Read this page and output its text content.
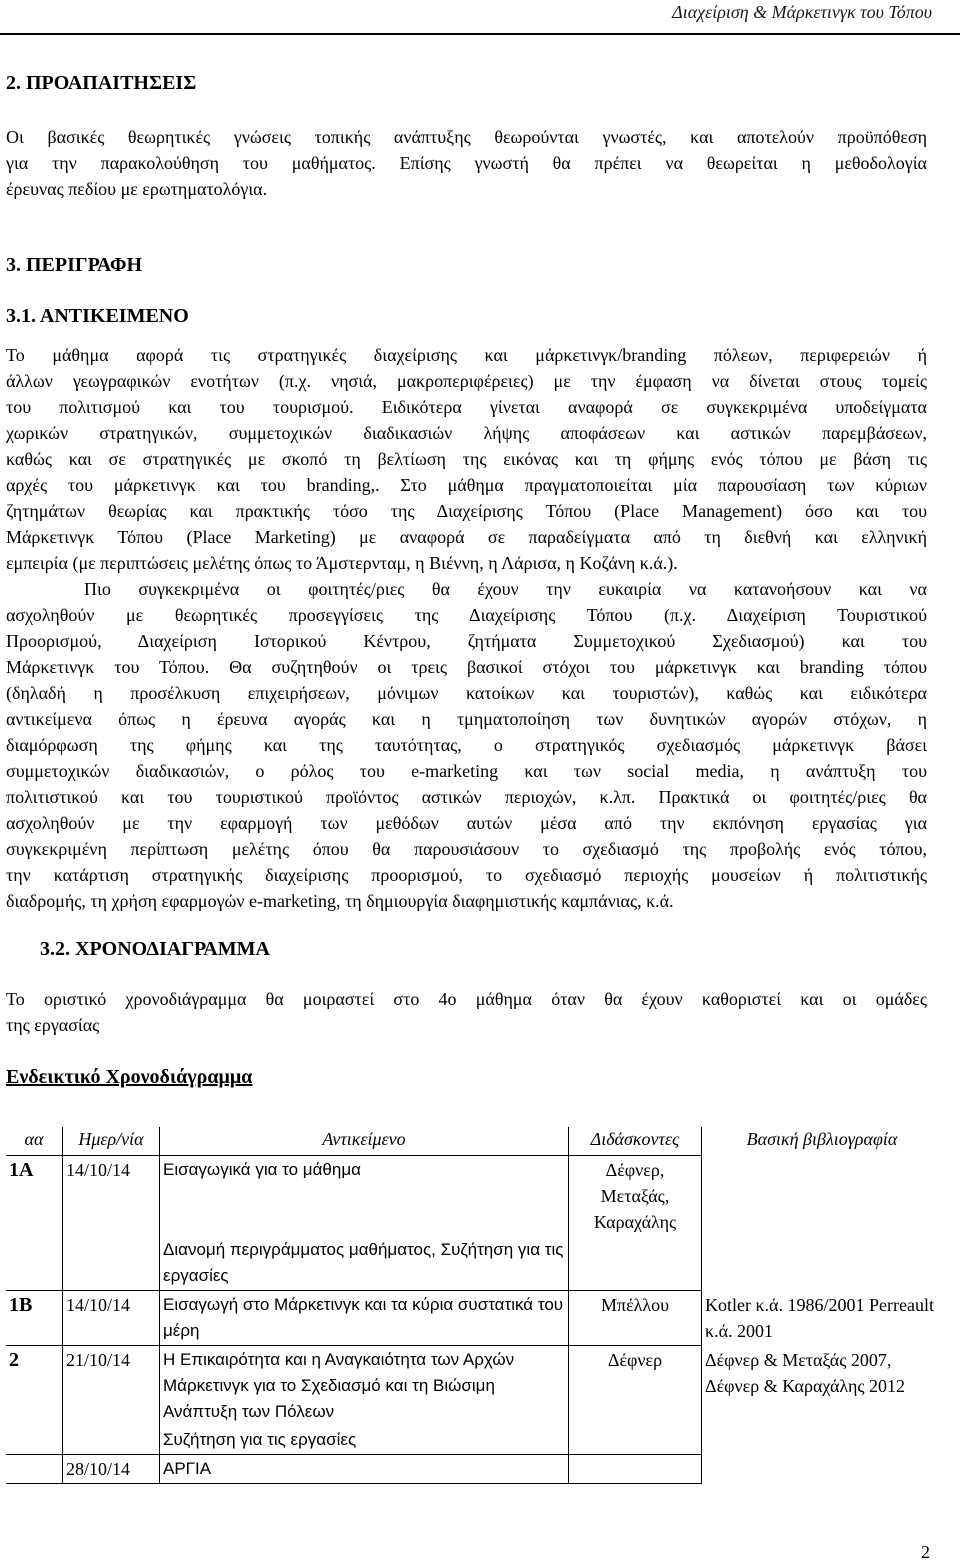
Διαχείριση & Μάρκετινγκ του Τόπου
2. ΠΡΟΑΠΑΙΤΗΣΕΙΣ
Οι βασικές θεωρητικές γνώσεις τοπικής ανάπτυξης θεωρούνται γνωστές, και αποτελούν προϋπόθεση
για την παρακολούθηση του μαθήματος. Επίσης γνωστή θα πρέπει να θεωρείται η μεθοδολογία
έρευνας πεδίου με ερωτηματολόγια.
3. ΠΕΡΙΓΡΑΦΗ
3.1. ΑΝΤΙΚΕΙΜΕΝΟ
Το μάθημα αφορά τις στρατηγικές διαχείρισης και μάρκετινγκ/branding πόλεων, περιφερειών ή
άλλων γεωγραφικών ενοτήτων (π.χ. νησιά, μακροπεριφέρειες) με την έμφαση να δίνεται στους τομείς
του πολιτισμού και του τουρισμού. Ειδικότερα γίνεται αναφορά σε συγκεκριμένα υποδείγματα
χωρικών στρατηγικών, συμμετοχικών διαδικασιών λήψης αποφάσεων και αστικών παρεμβάσεων,
καθώς και σε στρατηγικές με σκοπό τη βελτίωση της εικόνας και τη φήμης ενός τόπου με βάση τις
αρχές του μάρκετινγκ και του branding,. Στο μάθημα πραγματοποιείται μία παρουσίαση των κύριων
ζητημάτων θεωρίας και πρακτικής τόσο της Διαχείρισης Τόπου (Place Management) όσο και του
Μάρκετινγκ Τόπου (Place Marketing) με αναφορά σε παραδείγματα από τη διεθνή και ελληνική
εμπειρία (με περιπτώσεις μελέτης όπως το Άμστερνταμ, η Βιέννη, η Λάρισα, η Κοζάνη κ.ά.).
Πιο συγκεκριμένα οι φοιτητές/ριες θα έχουν την ευκαιρία να κατανοήσουν και να
ασχοληθούν με θεωρητικές προσεγγίσεις της Διαχείρισης Τόπου (π.χ. Διαχείριση Τουριστικού
Προορισμού, Διαχείριση Ιστορικού Κέντρου, ζητήματα Συμμετοχικού Σχεδιασμού) και του
Μάρκετινγκ του Τόπου. Θα συζητηθούν οι τρεις βασικοί στόχοι του μάρκετινγκ και branding τόπου
(δηλαδή η προσέλκυση επιχειρήσεων, μόνιμων κατοίκων και τουριστών), καθώς και ειδικότερα
αντικείμενα όπως η έρευνα αγοράς και η τμηματοποίηση των δυνητικών αγορών στόχων, η
διαμόρφωση της φήμης και της ταυτότητας, ο στρατηγικός σχεδιασμός μάρκετινγκ βάσει
συμμετοχικών διαδικασιών, ο ρόλος του e-marketing και των social media, η ανάπτυξη του
πολιτιστικού και του τουριστικού προϊόντος αστικών περιοχών, κ.λπ. Πρακτικά οι φοιτητές/ριες θα
ασχοληθούν με την εφαρμογή των μεθόδων αυτών μέσα από την εκπόνηση εργασίας για
συγκεκριμένη περίπτωση μελέτης όπου θα παρουσιάσουν το σχεδιασμό της προβολής ενός τόπου,
την κατάρτιση στρατηγικής διαχείρισης προορισμού, το σχεδιασμό περιοχής μουσείων ή πολιτιστικής
διαδρομής, τη χρήση εφαρμογών e-marketing, τη δημιουργία διαφημιστικής καμπάνιας, κ.ά.
3.2. ΧΡΟΝΟΔΙΑΓΡΑΜΜΑ
Το οριστικό χρονοδιάγραμμα θα μοιραστεί στο 4ο μάθημα όταν θα έχουν καθοριστεί και οι ομάδες
της εργασίας
Ενδεικτικό Χρονοδιάγραμμα
αα	Ημερ/νία	Αντικείμενο	Διδάσκοντες	Βασική βιβλιογραφία
1Α	14/10/14	Εισαγωγικά για το μάθημα	Δέφνερ, Μεταξάς, Καραχάλης	
		Διανομή περιγράμματος μαθήματος, Συζήτηση για τις εργασίες		
1Β	14/10/14	Εισαγωγή στο Μάρκετινγκ και τα κύρια συστατικά του μέρη	Μπέλλου	Kotler κ.ά. 1986/2001 Perreault κ.ά. 2001
2	21/10/14	Η Επικαιρότητα και η Αναγκαιότητα των Αρχών Μάρκετινγκ για το Σχεδιασμό και τη Βιώσιμη Ανάπτυξη των Πόλεων	Δέφνερ	Δέφνερ & Μεταξάς 2007, Δέφνερ & Καραχάλης 2012
		Συζήτηση για τις εργασίες		
	28/10/14	ΑΡΓΙΑ		
2
